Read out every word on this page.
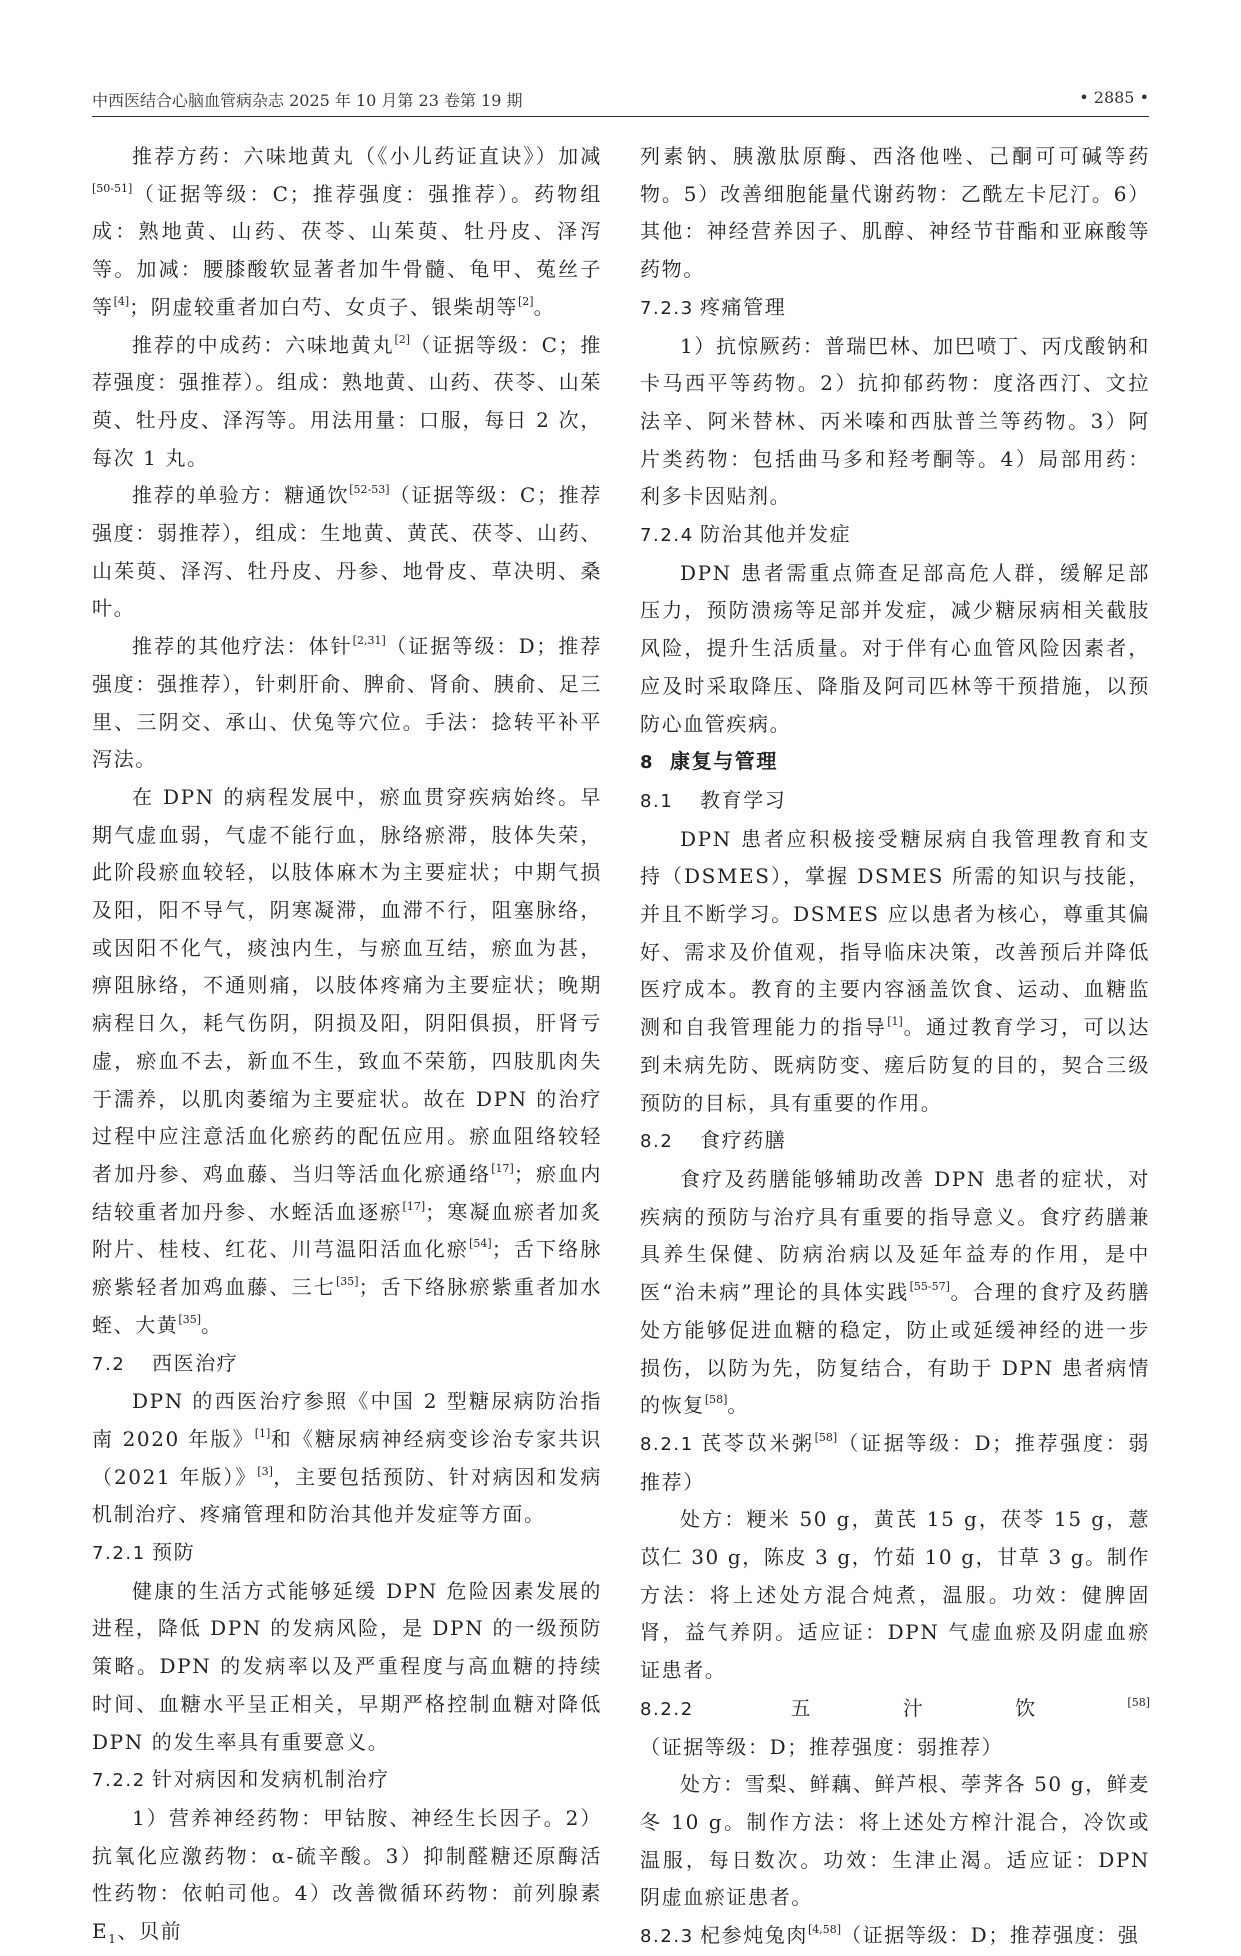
中西医结合心脑血管病杂志 2025 年 10 月第 23 卷第 19 期	• 2885 •

推荐方药：六味地黄丸（《小儿药证直诀》）加减[50-51]（证据等级：C；推荐强度：强推荐）。药物组成：熟地黄、山药、茯苓、山茱萸、牡丹皮、泽泻等。加减：腰膝酸软显著者加牛骨髓、龟甲、菟丝子等[4]；阴虚较重者加白芍、女贞子、银柴胡等[2]。

推荐的中成药：六味地黄丸[2]（证据等级：C；推荐强度：强推荐）。组成：熟地黄、山药、茯苓、山茱萸、牡丹皮、泽泻等。用法用量：口服，每日 2 次，每次 1 丸。

推荐的单验方：糖通饮[52-53]（证据等级：C；推荐强度：弱推荐），组成：生地黄、黄芪、茯苓、山药、山茱萸、泽泻、牡丹皮、丹参、地骨皮、草决明、桑叶。

推荐的其他疗法：体针[2,31]（证据等级：D；推荐强度：强推荐），针刺肝俞、脾俞、肾俞、胰俞、足三里、三阴交、承山、伏兔等穴位。手法：捻转平补平泻法。

在 DPN 的病程发展中，瘀血贯穿疾病始终。早期气虚血弱，气虚不能行血，脉络瘀滞，肢体失荣，此阶段瘀血较轻，以肢体麻木为主要症状；中期气损及阳，阳不导气，阴寒凝滞，血滞不行，阻塞脉络，或因阳不化气，痰浊内生，与瘀血互结，瘀血为甚，痹阻脉络，不通则痛，以肢体疼痛为主要症状；晚期病程日久，耗气伤阴，阴损及阳，阴阳俱损，肝肾亏虚，瘀血不去，新血不生，致血不荣筋，四肢肌肉失于濡养，以肌肉萎缩为主要症状。故在 DPN 的治疗过程中应注意活血化瘀药的配伍应用。瘀血阻络较轻者加丹参、鸡血藤、当归等活血化瘀通络[17]；瘀血内结较重者加丹参、水蛭活血逐瘀[17]；寒凝血瘀者加炙附片、桂枝、红花、川芎温阳活血化瘀[54]；舌下络脉瘀紫轻者加鸡血藤、三七[35]；舌下络脉瘀紫重者加水蛭、大黄[35]。

7.2 西医治疗

DPN 的西医治疗参照《中国 2 型糖尿病防治指南 2020 年版》[1]和《糖尿病神经病变诊治专家共识（2021 年版）》[3]，主要包括预防、针对病因和发病机制治疗、疼痛管理和防治其他并发症等方面。

7.2.1 预防

健康的生活方式能够延缓 DPN 危险因素发展的进程，降低 DPN 的发病风险，是 DPN 的一级预防策略。DPN 的发病率以及严重程度与高血糖的持续时间、血糖水平呈正相关，早期严格控制血糖对降低 DPN 的发生率具有重要意义。

7.2.2 针对病因和发病机制治疗

1）营养神经药物：甲钴胺、神经生长因子。2）抗氧化应激药物：α-硫辛酸。3）抑制醛糖还原酶活性药物：依帕司他。4）改善微循环药物：前列腺素 $E_1$、贝前

列素钠、胰激肽原酶、西洛他唑、己酮可可碱等药物。5）改善细胞能量代谢药物：乙酰左卡尼汀。6）其他：神经营养因子、肌醇、神经节苷酯和亚麻酸等药物。

7.2.3 疼痛管理

1）抗惊厥药：普瑞巴林、加巴喷丁、丙戊酸钠和卡马西平等药物。2）抗抑郁药物：度洛西汀、文拉法辛、阿米替林、丙米嗪和西肽普兰等药物。3）阿片类药物：包括曲马多和羟考酮等。4）局部用药：利多卡因贴剂。

7.2.4 防治其他并发症

DPN 患者需重点筛查足部高危人群，缓解足部压力，预防溃疡等足部并发症，减少糖尿病相关截肢风险，提升生活质量。对于伴有心血管风险因素者，应及时采取降压、降脂及阿司匹林等干预措施，以预防心血管疾病。

8 康复与管理
8.1 教育学习

DPN 患者应积极接受糖尿病自我管理教育和支持（DSMES），掌握 DSMES 所需的知识与技能，并且不断学习。DSMES 应以患者为核心，尊重其偏好、需求及价值观，指导临床决策，改善预后并降低医疗成本。教育的主要内容涵盖饮食、运动、血糖监测和自我管理能力的指导[1]。通过教育学习，可以达到未病先防、既病防变、瘥后防复的目的，契合三级预防的目标，具有重要的作用。

8.2 食疗药膳

食疗及药膳能够辅助改善 DPN 患者的症状，对疾病的预防与治疗具有重要的指导意义。食疗药膳兼具养生保健、防病治病以及延年益寿的作用，是中医“治未病”理论的具体实践[55-57]。合理的食疗及药膳处方能够促进血糖的稳定，防止或延缓神经的进一步损伤，以防为先，防复结合，有助于 DPN 患者病情的恢复[58]。

8.2.1 芪苓苡米粥[58]（证据等级：D；推荐强度：弱推荐）

处方：粳米 50 g，黄芪 15 g，茯苓 15 g，薏苡仁 30 g，陈皮 3 g，竹茹 10 g，甘草 3 g。制作方法：将上述处方混合炖煮，温服。功效：健脾固肾，益气养阴。适应证：DPN 气虚血瘀及阴虚血瘀证患者。

8.2.2 五汁饮[58]（证据等级：D；推荐强度：弱推荐）

处方：雪梨、鲜藕、鲜芦根、荸荠各 50 g，鲜麦冬 10 g。制作方法：将上述处方榨汁混合，冷饮或温服，每日数次。功效：生津止渴。适应证：DPN 阴虚血瘀证患者。

8.2.3 杞参炖兔肉[4,58]（证据等级：D；推荐强度：强
